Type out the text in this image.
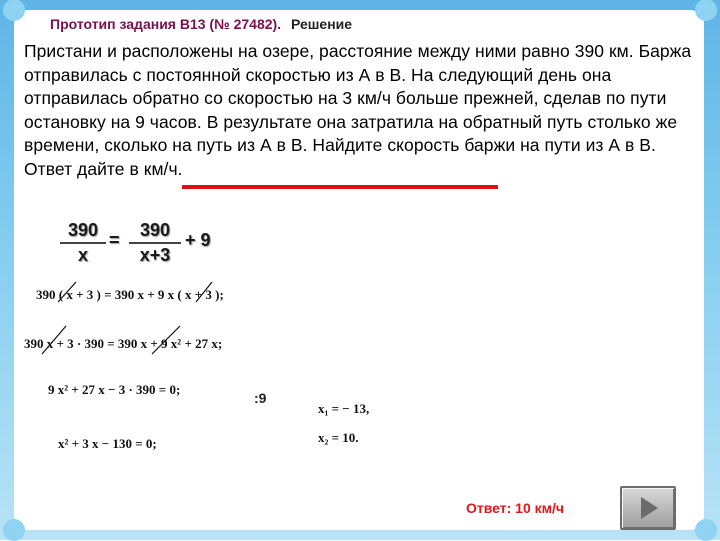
Прототип задания B13 (№ 27482). Решение
Пристани и расположены на озере, расстояние между ними равно 390 км. Баржа отправилась с постоянной скоростью из А в В. На следующий день она отправилась обратно со скоростью на 3 км/ч больше прежней, сделав по пути остановку на 9 часов. В результате она затратила на обратный путь столько же времени, сколько на путь из А в В. Найдите скорость баржи на пути из А в В. Ответ дайте в км/ч.
390
x
=	390
x+3
+ 9
390 ( x + 3 ) = 390 x + 9 x ( x + 3 );
390 x + 3 · 390 = 390 x + 9 x² + 27 x;
9 x² + 27 x − 3 · 390 = 0;
x² + 3 x − 130 = 0;
:9
x₁ = − 13,
x₂ = 10.
Ответ: 10 км/ч
